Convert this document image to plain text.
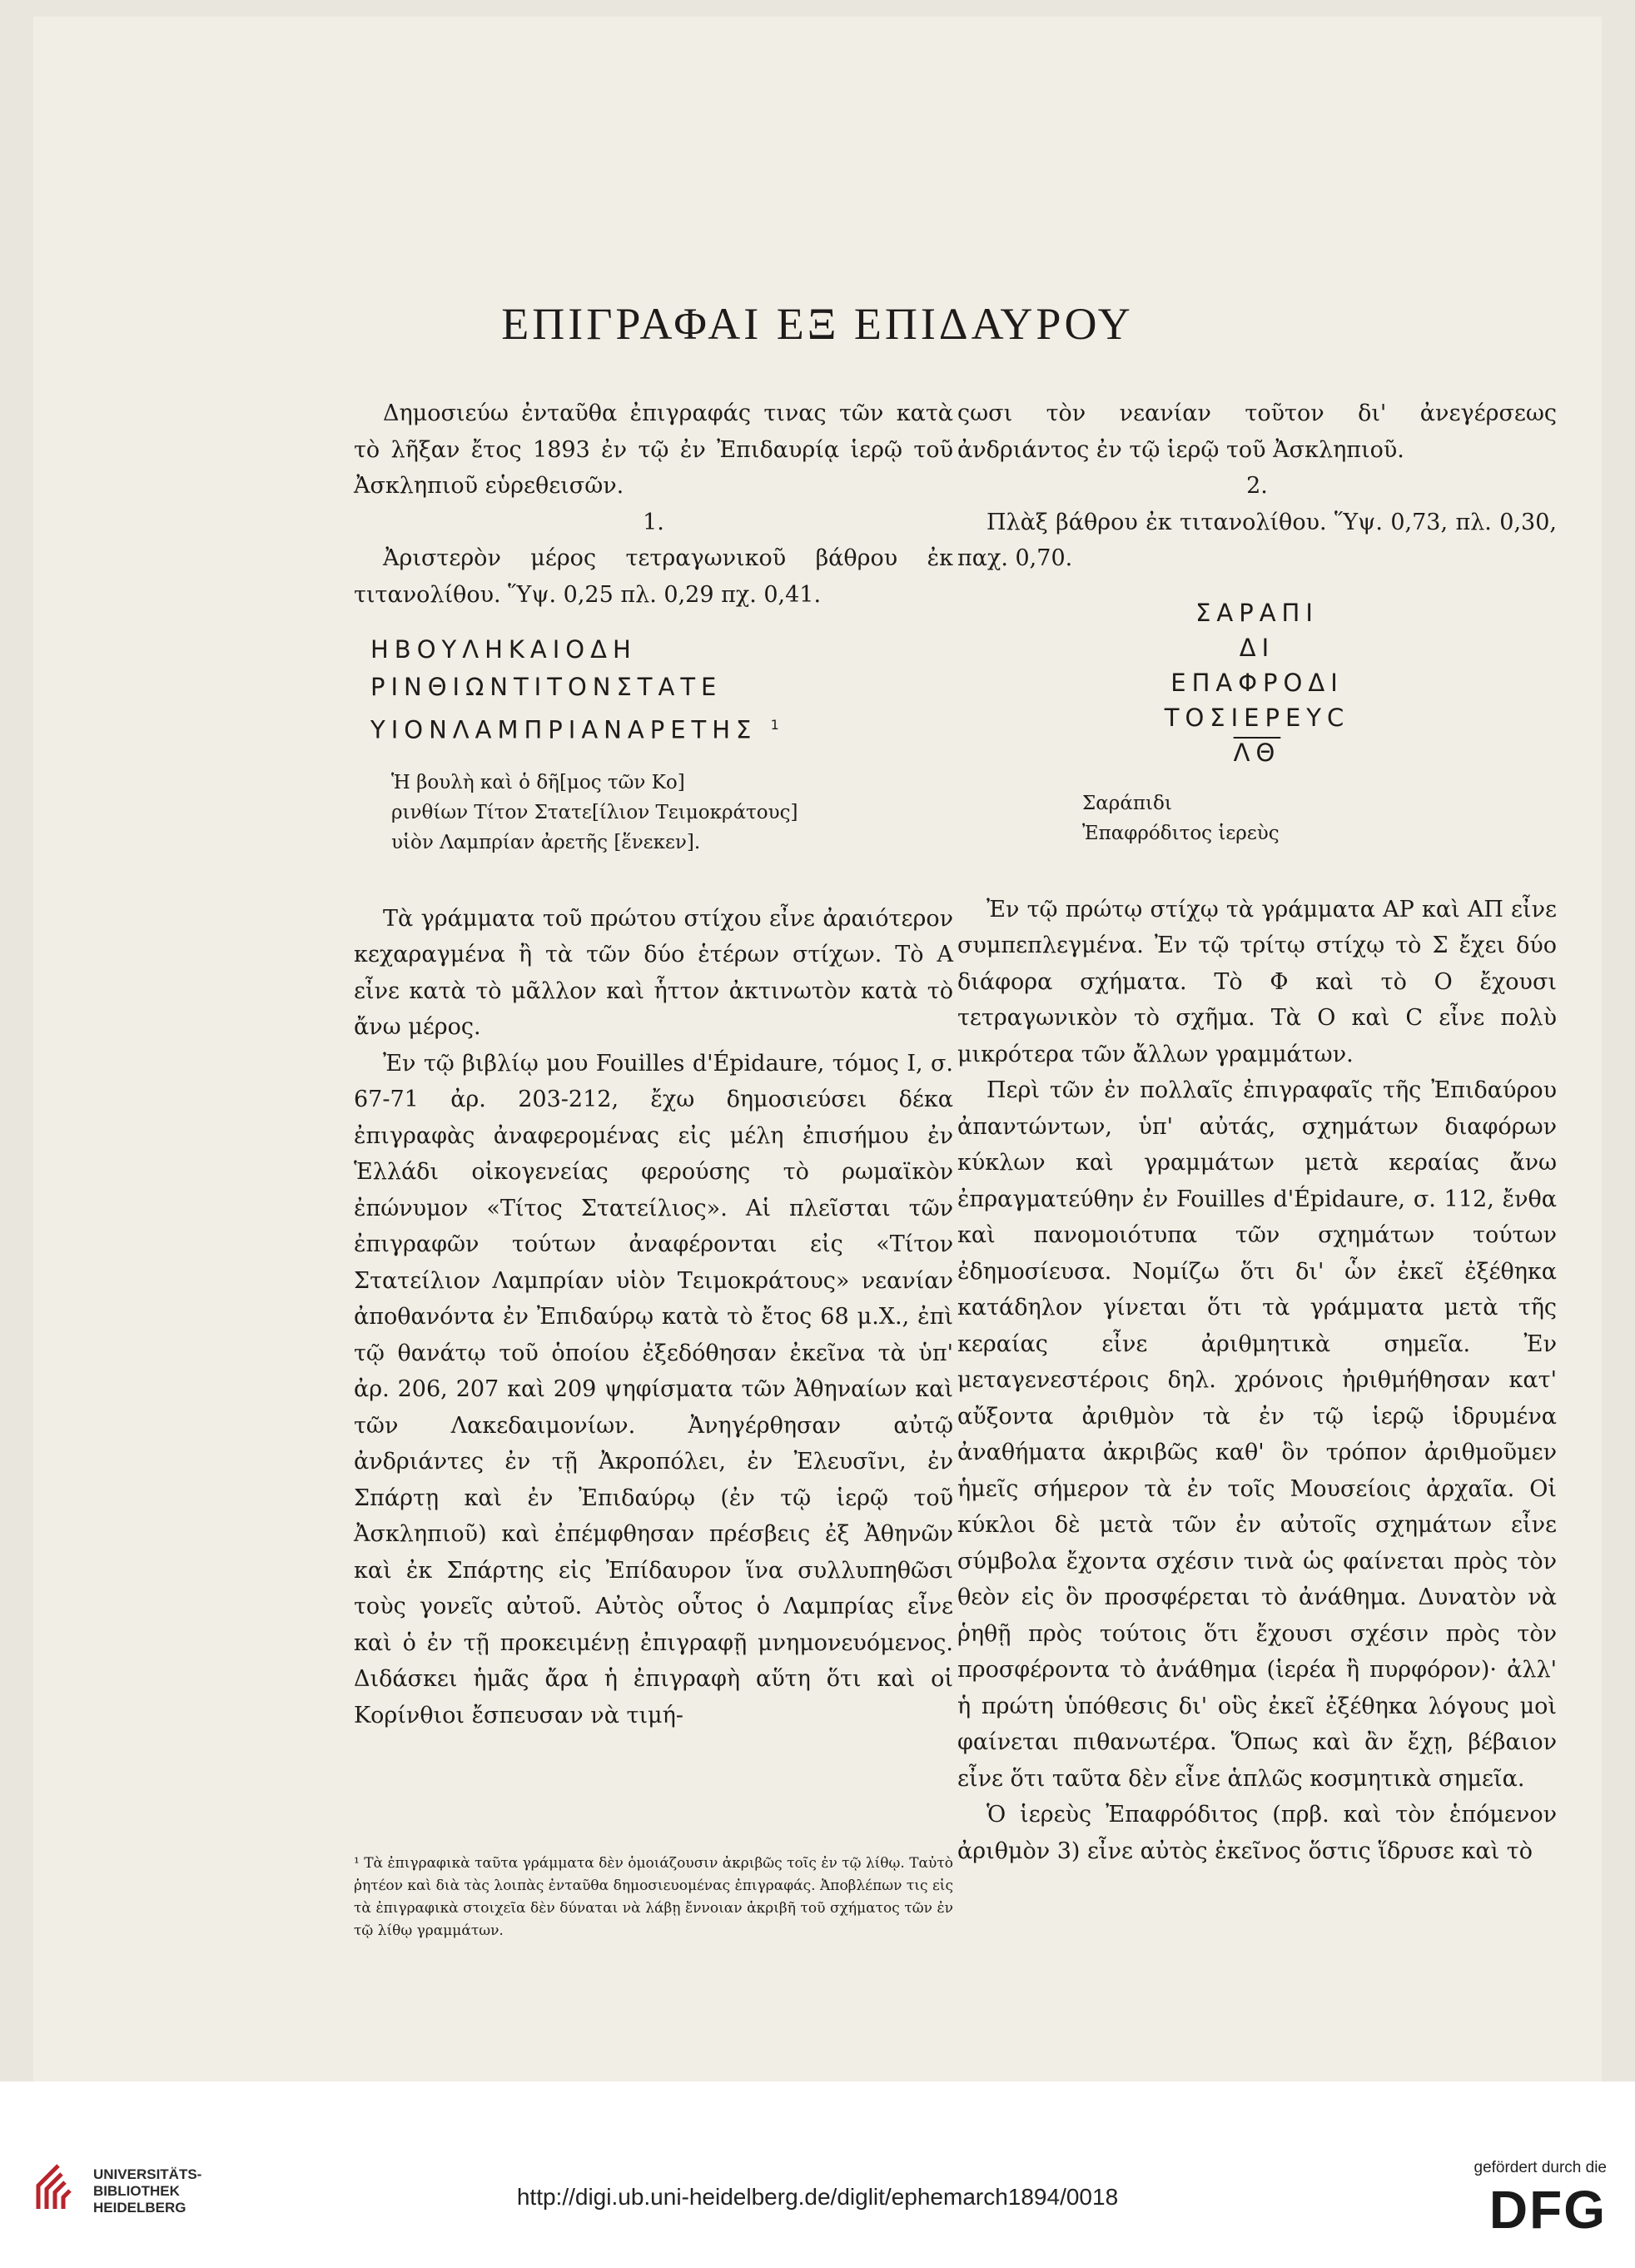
ΕΠΙΓΡΑΦΑΙ ΕΞ ΕΠΙΔΑΥΡΟΥ

Δημοσιεύω ἐνταῦθα ἐπιγραφάς τινας τῶν κατὰ τὸ λῆξαν ἔτος 1893 ἐν τῷ ἐν Ἐπιδαυρίᾳ ἱερῷ τοῦ Ἀσκληπιοῦ εὑρεθεισῶν.

1.

Ἀριστερὸν μέρος τετραγωνικοῦ βάθρου ἐκ τιτανολίθου. Ὕψ. 0,25 πλ. 0,29 πχ. 0,41.

ΗΒΟΥΛΗΚΑΙΟΔΗ
ΡΙΝΘΙΩΝΤΙΤΟΝΣΤΑΤΕ
ΥΙΟΝΛΑΜΠΡΙΑΝΑΡΕΤΗΣ $^1$
Ἡ βουλὴ καὶ ὁ δῆ[μος τῶν Κο]
ρινθίων Τίτον Στατε[ίλιον Τειμοκράτους]
υἱὸν Λαμπρίαν ἀρετῆς [ἕνεκεν].

Τὰ γράμματα τοῦ πρώτου στίχου εἶνε ἀραιότερον κεχαραγμένα ἢ τὰ τῶν δύο ἑτέρων στίχων. Τὸ Α εἶνε κατὰ τὸ μᾶλλον καὶ ἧττον ἀκτινωτὸν κατὰ τὸ ἄνω μέρος.

Ἐν τῷ βιβλίῳ μου Fouilles d'Épidaure, τόμος I, σ. 67-71 ἀρ. 203-212, ἔχω δημοσιεύσει δέκα ἐπιγραφὰς ἀναφερομένας εἰς μέλη ἐπισήμου ἐν Ἑλλάδι οἰκογενείας φερούσης τὸ ρωμαϊκὸν ἐπώνυμον «Τίτος Στατείλιος». Αἱ πλεῖσται τῶν ἐπιγραφῶν τούτων ἀναφέρονται εἰς «Τίτον Στατείλιον Λαμπρίαν υἱὸν Τειμοκράτους» νεανίαν ἀποθανόντα ἐν Ἐπιδαύρῳ κατὰ τὸ ἔτος 68 μ.Χ., ἐπὶ τῷ θανάτῳ τοῦ ὁποίου ἐξεδόθησαν ἐκεῖνα τὰ ὑπ' ἀρ. 206, 207 καὶ 209 ψηφίσματα τῶν Ἀθηναίων καὶ τῶν Λακεδαιμονίων. Ἀνηγέρθησαν αὐτῷ ἀνδριάντες ἐν τῇ Ἀκροπόλει, ἐν Ἐλευσῖνι, ἐν Σπάρτῃ καὶ ἐν Ἐπιδαύρῳ (ἐν τῷ ἱερῷ τοῦ Ἀσκληπιοῦ) καὶ ἐπέμφθησαν πρέσβεις ἐξ Ἀθηνῶν καὶ ἐκ Σπάρτης εἰς Ἐπίδαυρον ἵνα συλλυπηθῶσι τοὺς γονεῖς αὐτοῦ. Αὐτὸς οὗτος ὁ Λαμπρίας εἶνε καὶ ὁ ἐν τῇ προκειμένῃ ἐπιγραφῇ μνημονευόμενος. Διδάσκει ἡμᾶς ἄρα ἡ ἐπιγραφὴ αὕτη ὅτι καὶ οἱ Κορίνθιοι ἔσπευσαν νὰ τιμή-

¹ Τὰ ἐπιγραφικὰ ταῦτα γράμματα δὲν ὁμοιάζουσιν ἀκριβῶς τοῖς ἐν τῷ λίθῳ. Ταὐτὸ ῥητέον καὶ διὰ τὰς λοιπὰς ἐνταῦθα δημοσιευομένας ἐπιγραφάς. Ἀποβλέπων τις εἰς τὰ ἐπιγραφικὰ στοιχεῖα δὲν δύναται νὰ λάβῃ ἔννοιαν ἀκριβῆ τοῦ σχήματος τῶν ἐν τῷ λίθῳ γραμμάτων.

ςωσι τὸν νεανίαν τοῦτον δι' ἀνεγέρσεως ἀνδριάντος ἐν τῷ ἱερῷ τοῦ Ἀσκληπιοῦ.

2.

Πλὰξ βάθρου ἐκ τιτανολίθου. Ὕψ. 0,73, πλ. 0,30, παχ. 0,70.

ΣΑΡΑΠΙ
ΔΙ
ΕΠΑΦΡΟΔΙ
ΤΟΣΙΕΡΕΥϹ
$\overline{\Lambda\Theta}$
Σαράπιδι
Ἐπαφρόδιτος ἱερεὺς

Ἐν τῷ πρώτῳ στίχῳ τὰ γράμματα ΑΡ καὶ ΑΠ εἶνε συμπεπλεγμένα. Ἐν τῷ τρίτῳ στίχῳ τὸ Σ ἔχει δύο διάφορα σχήματα. Τὸ Φ καὶ τὸ Ο ἔχουσι τετραγωνικὸν τὸ σχῆμα. Τὰ Ο καὶ C εἶνε πολὺ μικρότερα τῶν ἄλλων γραμμάτων.

Περὶ τῶν ἐν πολλαῖς ἐπιγραφαῖς τῆς Ἐπιδαύρου ἀπαντώντων, ὑπ' αὐτάς, σχημάτων διαφόρων κύκλων καὶ γραμμάτων μετὰ κεραίας ἄνω ἐπραγματεύθην ἐν Fouilles d'Épidaure, σ. 112, ἔνθα καὶ πανομοιότυπα τῶν σχημάτων τούτων ἐδημοσίευσα. Νομίζω ὅτι δι' ὧν ἐκεῖ ἐξέθηκα κατάδηλον γίνεται ὅτι τὰ γράμματα μετὰ τῆς κεραίας εἶνε ἀριθμητικὰ σημεῖα. Ἐν μεταγενεστέροις δηλ. χρόνοις ἠριθμήθησαν κατ' αὔξοντα ἀριθμὸν τὰ ἐν τῷ ἱερῷ ἱδρυμένα ἀναθήματα ἀκριβῶς καθ' ὃν τρόπον ἀριθμοῦμεν ἡμεῖς σήμερον τὰ ἐν τοῖς Μουσείοις ἀρχαῖα. Οἱ κύκλοι δὲ μετὰ τῶν ἐν αὐτοῖς σχημάτων εἶνε σύμβολα ἔχοντα σχέσιν τινὰ ὡς φαίνεται πρὸς τὸν θεὸν εἰς ὃν προσφέρεται τὸ ἀνάθημα. Δυνατὸν νὰ ῥηθῇ πρὸς τούτοις ὅτι ἔχουσι σχέσιν πρὸς τὸν προσφέροντα τὸ ἀνάθημα (ἱερέα ἢ πυρφόρον)· ἀλλ' ἡ πρώτη ὑπόθεσις δι' οὓς ἐκεῖ ἐξέθηκα λόγους μοὶ φαίνεται πιθανωτέρα. Ὅπως καὶ ἂν ἔχῃ, βέβαιον εἶνε ὅτι ταῦτα δὲν εἶνε ἁπλῶς κοσμητικὰ σημεῖα.

Ὁ ἱερεὺς Ἐπαφρόδιτος (πρβ. καὶ τὸν ἑπόμενον ἀριθμὸν 3) εἶνε αὐτὸς ἐκεῖνος ὅστις ἵδρυσε καὶ τὸ

UNIVERSITÄTS-
BIBLIOTHEK
HEIDELBERG	http://digi.ub.uni-heidelberg.de/diglit/ephemarch1894/0018
gefördert durch die
DFG
